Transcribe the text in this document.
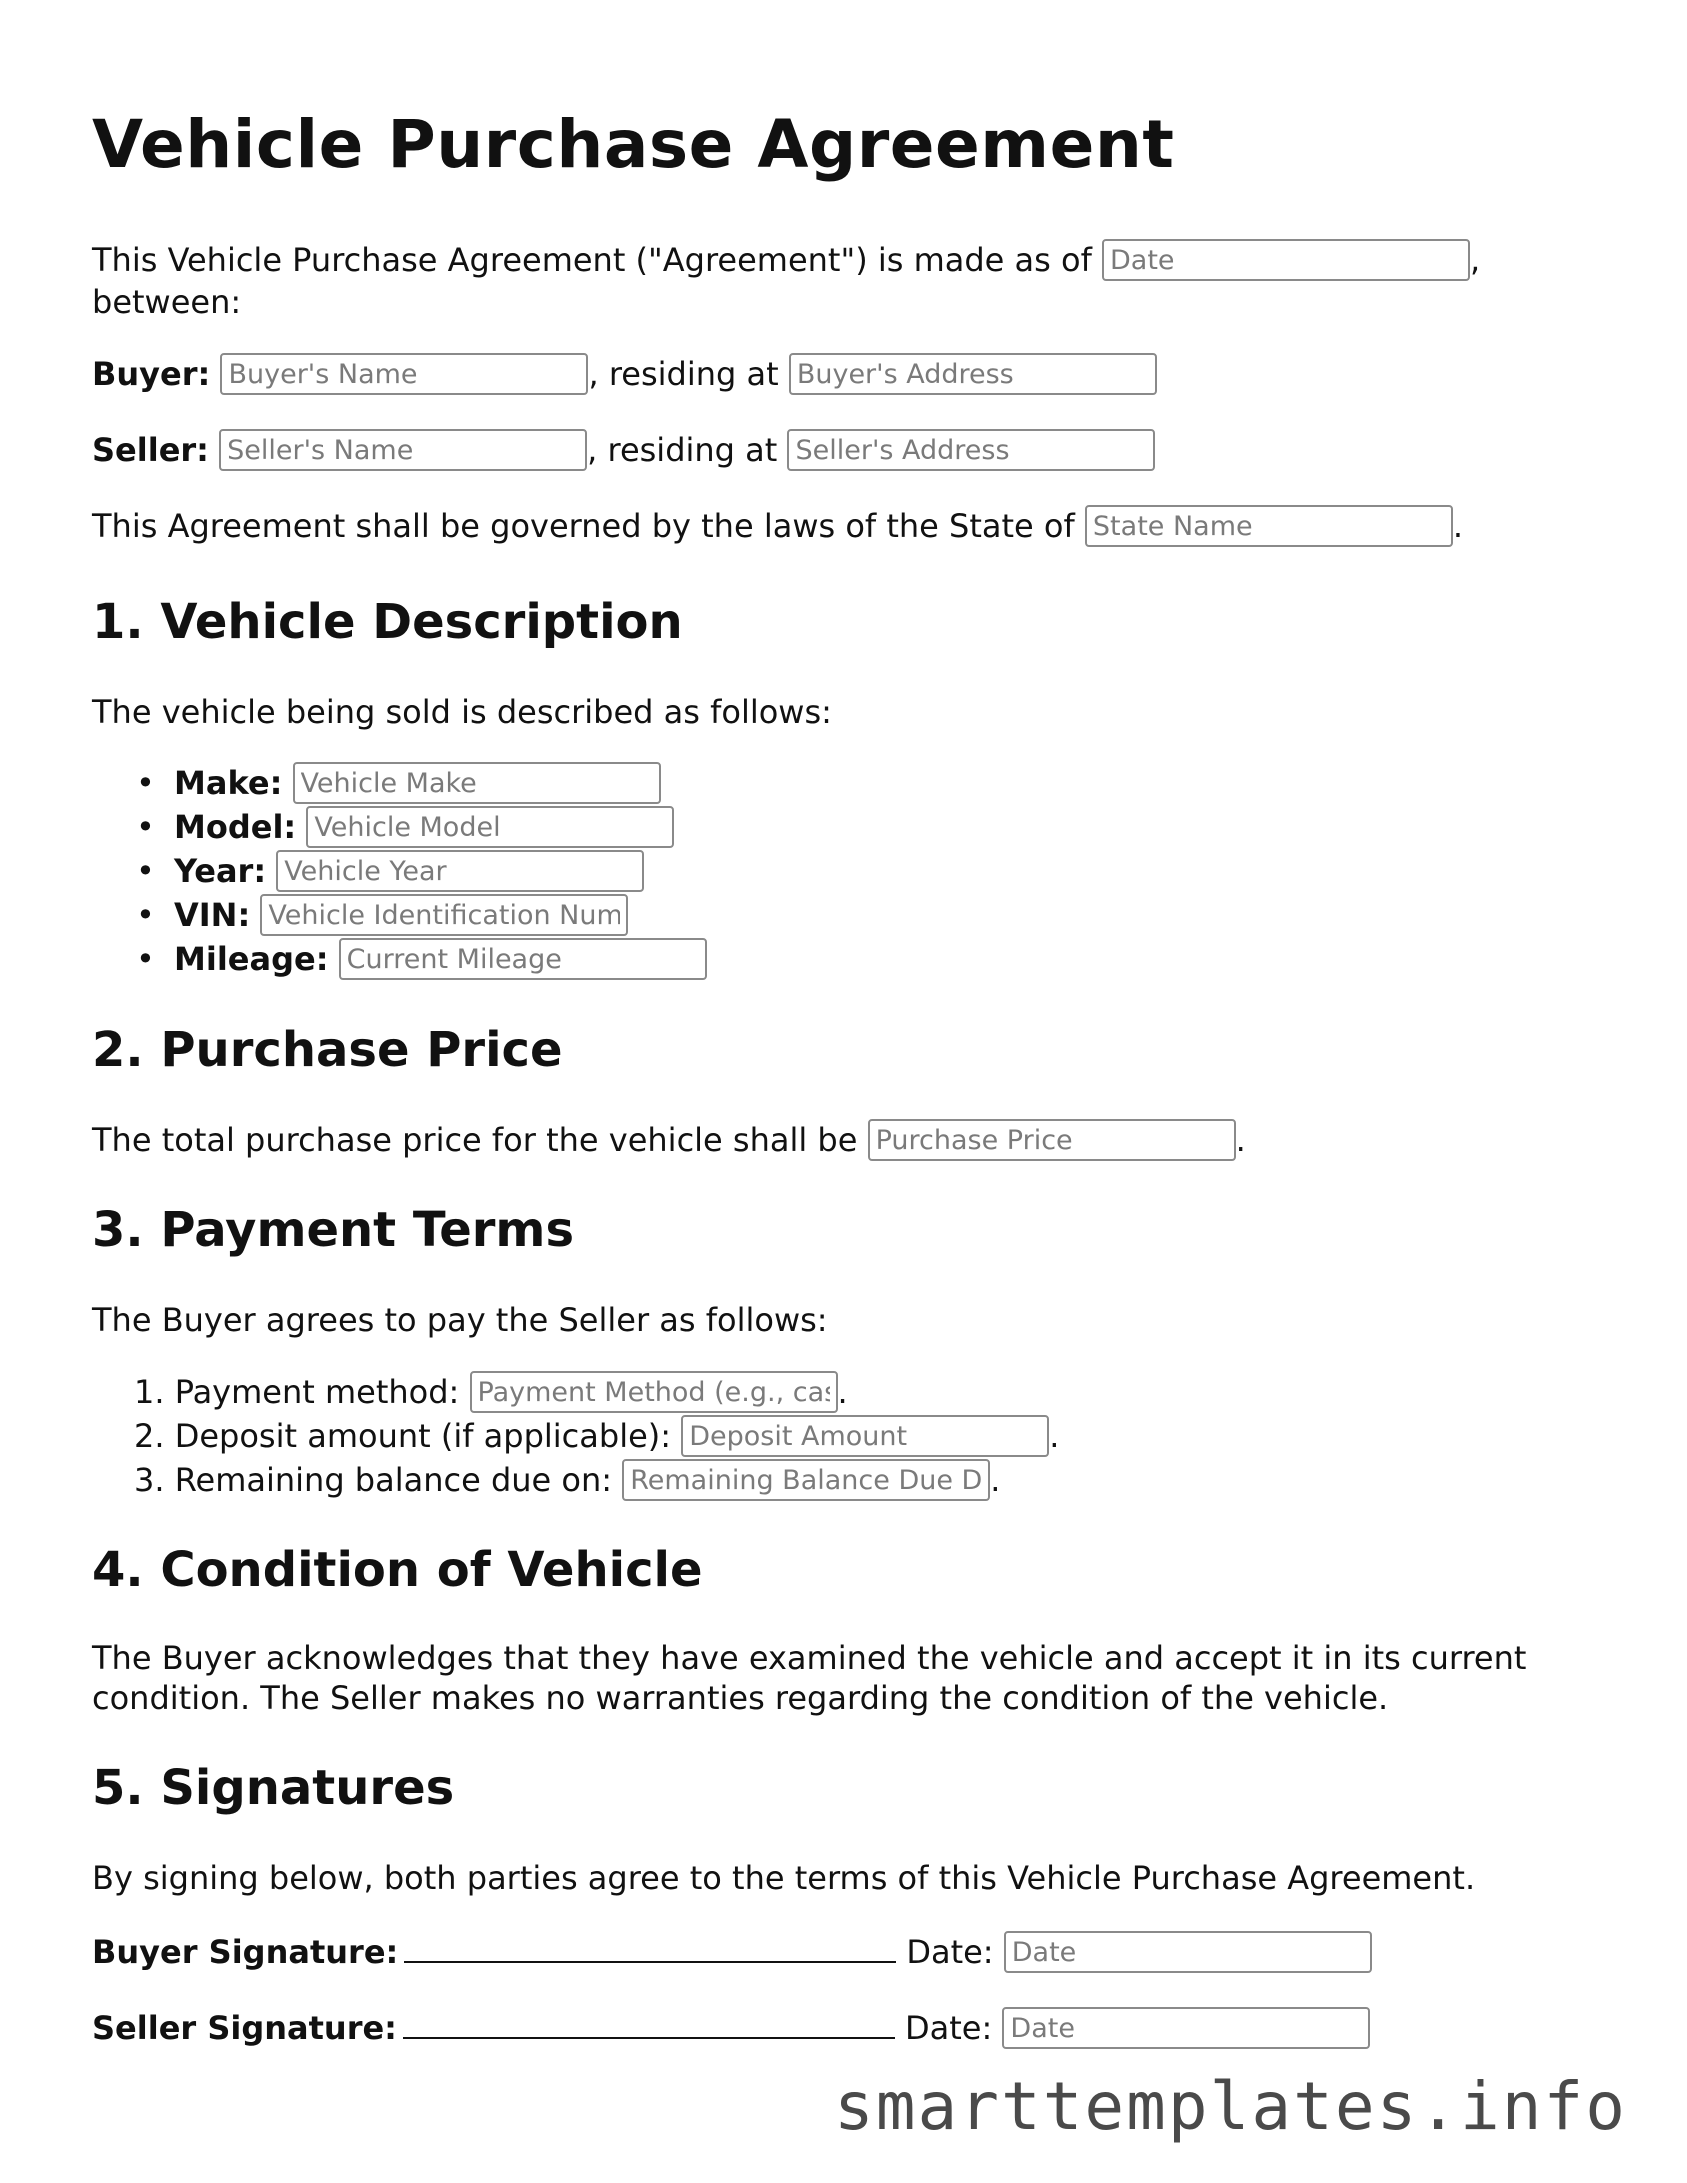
Vehicle Purchase Agreement
This Vehicle Purchase Agreement ("Agreement") is made as of Date	,
between:
Buyer: Buyer's Name	, residing at Buyer's Address
Seller: Seller's Name	, residing at Seller's Address
This Agreement shall be governed by the laws of the State of State Name	.
1. Vehicle Description
The vehicle being sold is described as follows:
• Make: Vehicle Make
• Model: Vehicle Model
• Year: Vehicle Year
• VIN: Vehicle Identification Number
• Mileage: Current Mileage
2. Purchase Price
The total purchase price for the vehicle shall be Purchase Price	.
3. Payment Terms
The Buyer agrees to pay the Seller as follows:
1. Payment method: Payment Method (e.g., cash, check)	.
2. Deposit amount (if applicable): Deposit Amount	.
3. Remaining balance due on: Remaining Balance Due Date	.
4. Condition of Vehicle
The Buyer acknowledges that they have examined the vehicle and accept it in its current condition. The Seller makes no warranties regarding the condition of the vehicle.
5. Signatures
By signing below, both parties agree to the terms of this Vehicle Purchase Agreement.
Buyer Signature:	Date: Date
Seller Signature:	Date: Date
smarttemplates.info
